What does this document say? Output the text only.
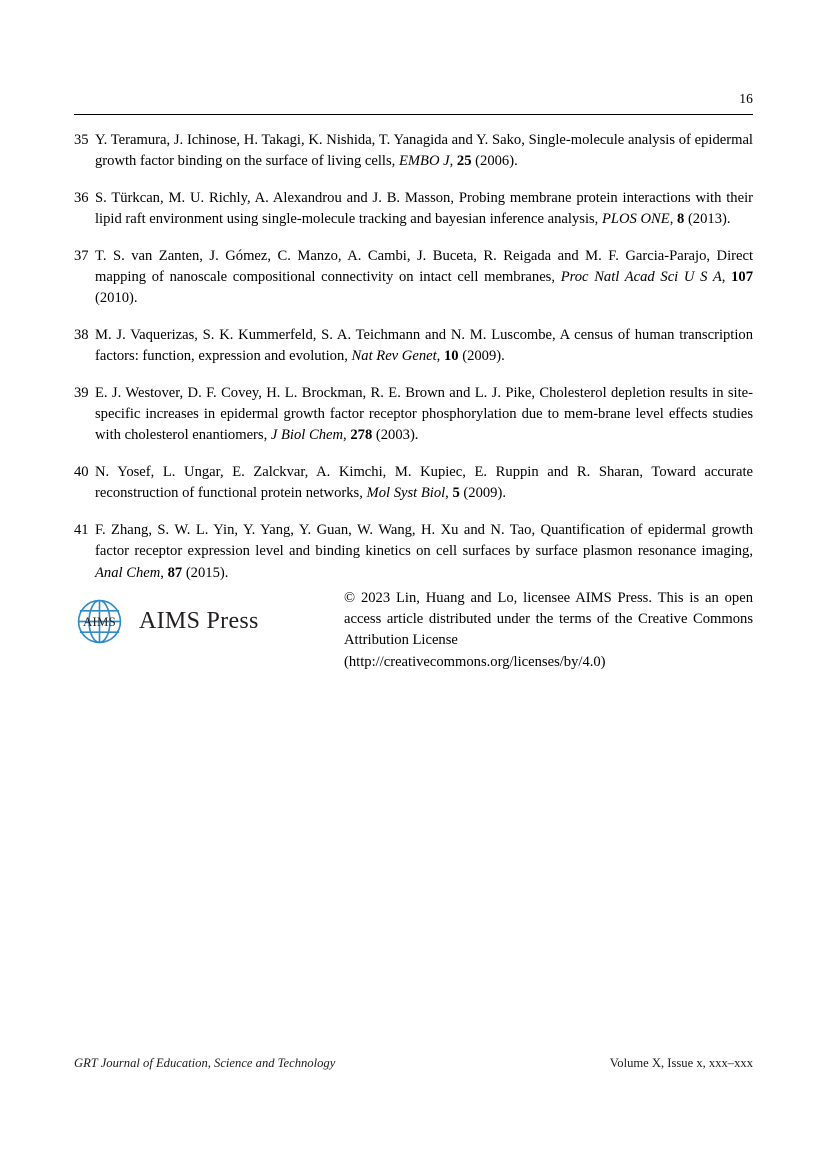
16
35 Y. Teramura, J. Ichinose, H. Takagi, K. Nishida, T. Yanagida and Y. Sako, Single-molecule analysis of epidermal growth factor binding on the surface of living cells, EMBO J, 25 (2006).
36 S. Türkcan, M. U. Richly, A. Alexandrou and J. B. Masson, Probing membrane protein interactions with their lipid raft environment using single-molecule tracking and bayesian inference analysis, PLOS ONE, 8 (2013).
37 T. S. van Zanten, J. Gómez, C. Manzo, A. Cambi, J. Buceta, R. Reigada and M. F. Garcia-Parajo, Direct mapping of nanoscale compositional connectivity on intact cell membranes, Proc Natl Acad Sci U S A, 107 (2010).
38 M. J. Vaquerizas, S. K. Kummerfeld, S. A. Teichmann and N. M. Luscombe, A census of human transcription factors: function, expression and evolution, Nat Rev Genet, 10 (2009).
39 E. J. Westover, D. F. Covey, H. L. Brockman, R. E. Brown and L. J. Pike, Cholesterol depletion results in site-specific increases in epidermal growth factor receptor phosphorylation due to mem-brane level effects studies with cholesterol enantiomers, J Biol Chem, 278 (2003).
40 N. Yosef, L. Ungar, E. Zalckvar, A. Kimchi, M. Kupiec, E. Ruppin and R. Sharan, Toward accurate reconstruction of functional protein networks, Mol Syst Biol, 5 (2009).
41 F. Zhang, S. W. L. Yin, Y. Yang, Y. Guan, W. Wang, H. Xu and N. Tao, Quantification of epidermal growth factor receptor expression level and binding kinetics on cell surfaces by surface plasmon resonance imaging, Anal Chem, 87 (2015).
AIMS AIMS Press

© 2023 Lin, Huang and Lo, licensee AIMS Press. This is an open access article distributed under the terms of the Creative Commons Attribution License

(http://creativecommons.org/licenses/by/4.0)

GRT Journal of Education, Science and Technology	Volume X, Issue x, xxx–xxx
